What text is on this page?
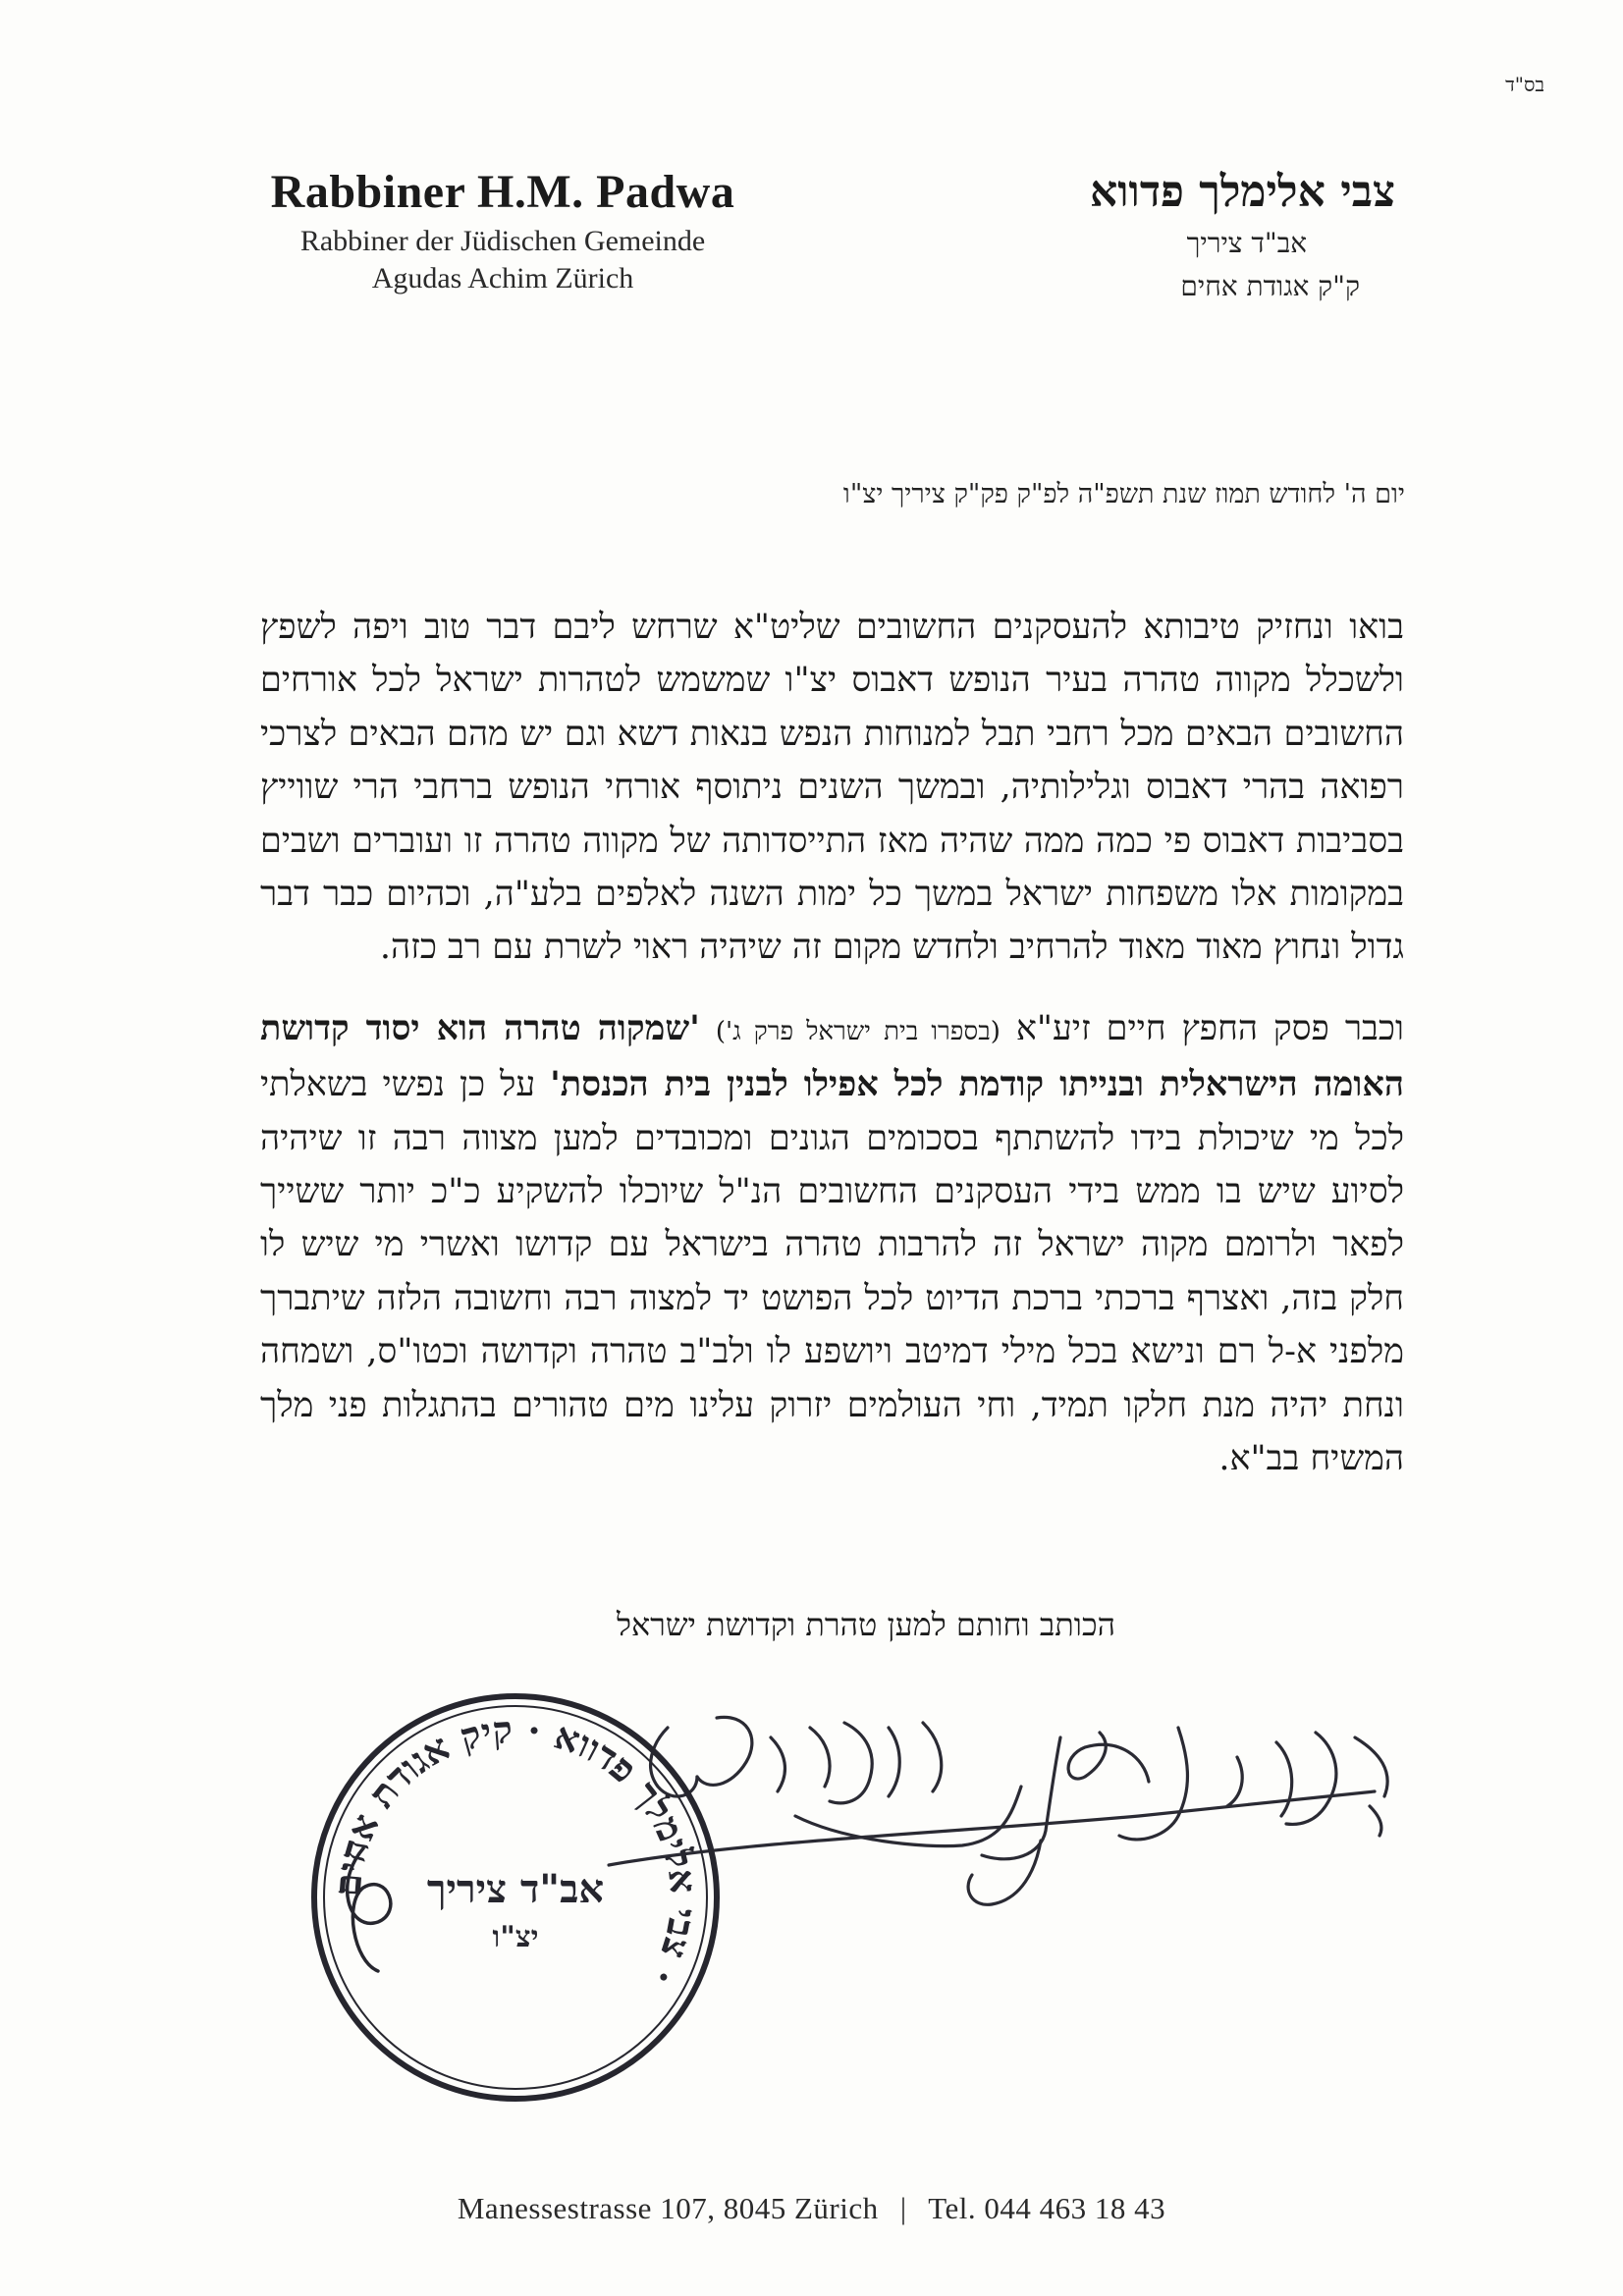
בס"ד
Rabbiner H.M. Padwa
Rabbiner der Jüdischen Gemeinde
Agudas Achim Zürich
צבי אלימלך פדווא
אב"ד ציריך
ק"ק אגודת אחים
יום ה' לחודש תמוז שנת תשפ"ה לפ"ק פק"ק ציריך יצ"ו

בואו ונחזיק טיבותא להעסקנים החשובים שליט"א שרחש ליבם דבר טוב ויפה לשפץ ולשכלל מקווה טהרה בעיר הנופש דאבוס יצ"ו שמשמש לטהרות ישראל לכל אורחים החשובים הבאים מכל רחבי תבל למנוחות הנפש בנאות דשא וגם יש מהם הבאים לצרכי רפואה בהרי דאבוס וגלילותיה, ובמשך השנים ניתוסף אורחי הנופש ברחבי הרי שווייץ בסביבות דאבוס פי כמה ממה שהיה מאז התייסדותה של מקווה טהרה זו ועוברים ושבים במקומות אלו משפחות ישראל במשך כל ימות השנה לאלפים בלע"ה, וכהיום כבר דבר גדול ונחוץ מאוד מאוד להרחיב ולחדש מקום זה שיהיה ראוי לשרת עם רב כזה.

וכבר פסק החפץ חיים זיע"א (בספרו בית ישראל פרק ג') 'שמקוה טהרה הוא יסוד קדושת האומה הישראלית ובנייתו קודמת לכל אפילו לבנין בית הכנסת' על כן נפשי בשאלתי לכל מי שיכולת בידו להשתתף בסכומים הגונים ומכובדים למען מצווה רבה זו שיהיה לסיוע שיש בו ממש בידי העסקנים החשובים הנ"ל שיוכלו להשקיע כ"כ יותר ששייך לפאר ולרומם מקוה ישראל זה להרבות טהרה בישראל עם קדושו ואשרי מי שיש לו חלק בזה, ואצרף ברכתי ברכת הדיוט לכל הפושט יד למצוה רבה וחשובה הלזה שיתברך מלפני א-ל רם ונישא בכל מילי דמיטב ויושפע לו ולב"ב טהרה וקדושה וכטו"ס, ושמחה ונחת יהיה מנת חלקו תמיד, וחי העולמים יזרוק עלינו מים טהורים בהתגלות פני מלך המשיח בב"א.

הכותב וחותם למען טהרת וקדושת ישראל
צבי אלימלך פדווא · קיק אגודת אחים ·
אב"ד ציריך
יצ"ו
Manessestrasse 107, 8045 Zürich | Tel. 044 463 18 43
